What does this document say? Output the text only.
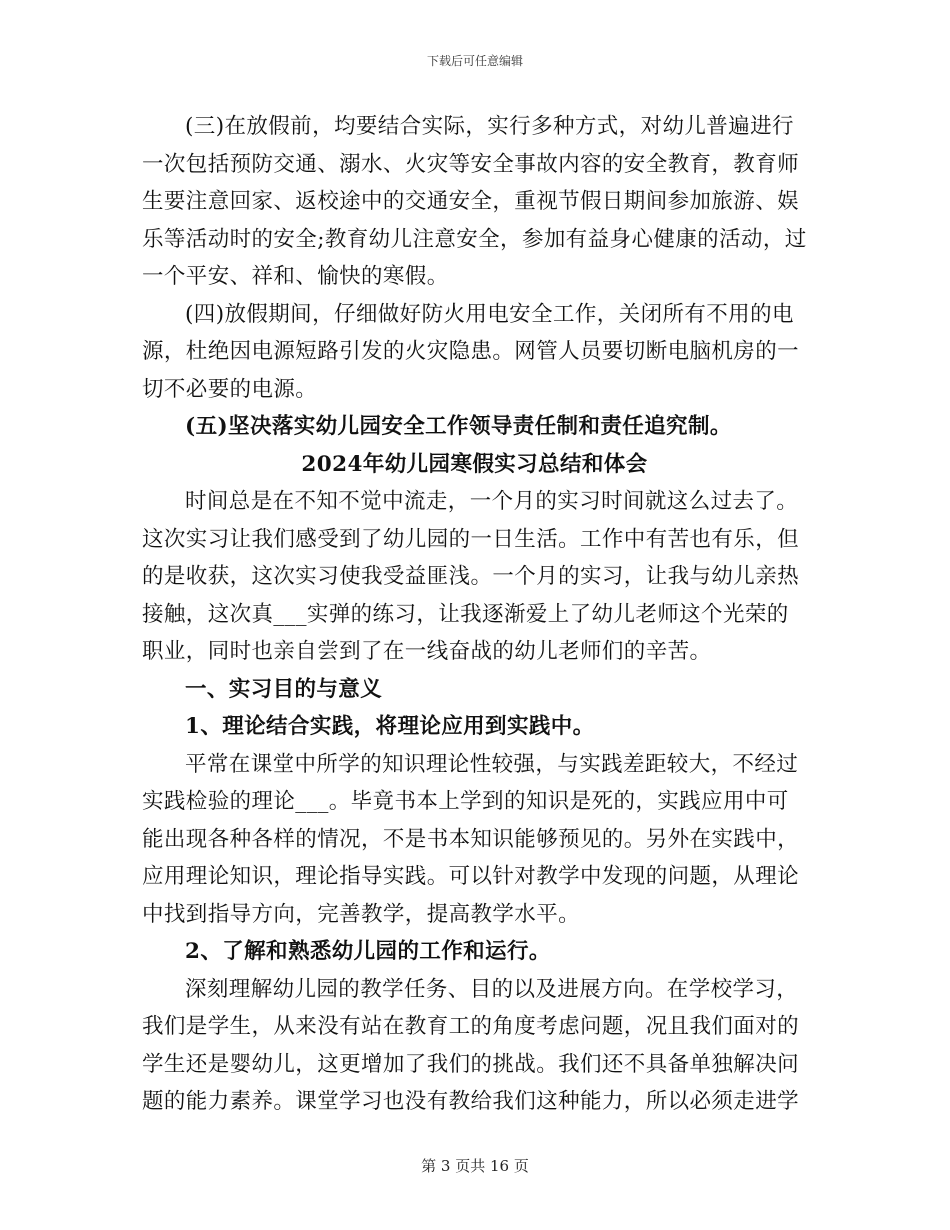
下载后可任意编辑

(三)在放假前，均要结合实际，实行多种方式，对幼儿普遍进行一次包括预防交通、溺水、火灾等安全事故内容的安全教育，教育师生要注意回家、返校途中的交通安全，重视节假日期间参加旅游、娱乐等活动时的安全;教育幼儿注意安全，参加有益身心健康的活动，过一个平安、祥和、愉快的寒假。

(四)放假期间，仔细做好防火用电安全工作，关闭所有不用的电源，杜绝因电源短路引发的火灾隐患。网管人员要切断电脑机房的一切不必要的电源。

(五)坚决落实幼儿园安全工作领导责任制和责任追究制。

2024年幼儿园寒假实习总结和体会

时间总是在不知不觉中流走，一个月的实习时间就这么过去了。这次实习让我们感受到了幼儿园的一日生活。工作中有苦也有乐，但的是收获，这次实习使我受益匪浅。一个月的实习，让我与幼儿亲热接触，这次真___实弹的练习，让我逐渐爱上了幼儿老师这个光荣的职业，同时也亲自尝到了在一线奋战的幼儿老师们的辛苦。

一、实习目的与意义

1、理论结合实践，将理论应用到实践中。

平常在课堂中所学的知识理论性较强，与实践差距较大，不经过实践检验的理论___。毕竟书本上学到的知识是死的，实践应用中可能出现各种各样的情况，不是书本知识能够预见的。另外在实践中，应用理论知识，理论指导实践。可以针对教学中发现的问题，从理论中找到指导方向，完善教学，提高教学水平。

2、了解和熟悉幼儿园的工作和运行。

深刻理解幼儿园的教学任务、目的以及进展方向。在学校学习，我们是学生，从来没有站在教育工的角度考虑问题，况且我们面对的学生还是婴幼儿，这更增加了我们的挑战。我们还不具备单独解决问题的能力素养。课堂学习也没有教给我们这种能力，所以必须走进学

第 3 页共 16 页
